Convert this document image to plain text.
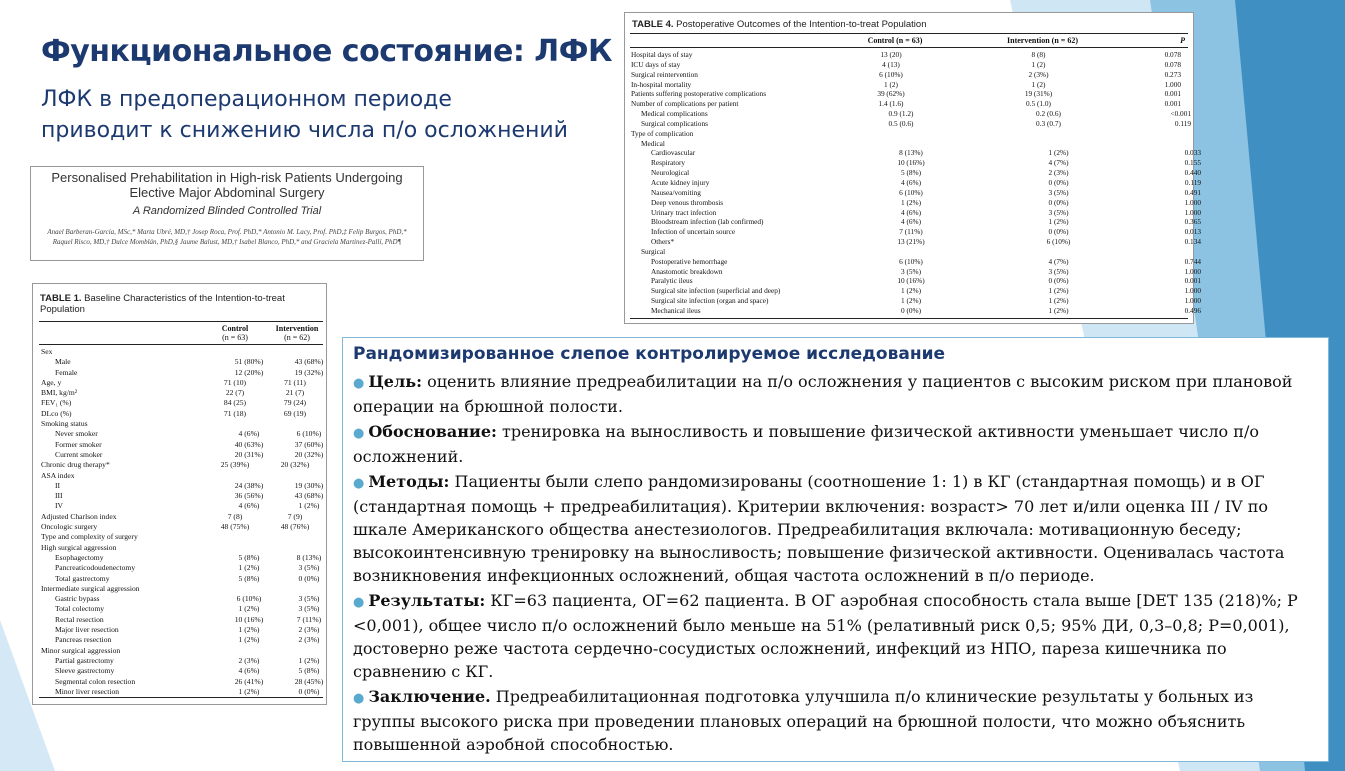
Функциональное состояние: ЛФК
ЛФК в предоперационном периоде
приводит к снижению числа п/о осложнений
Personalised Prehabilitation in High-risk Patients Undergoing
Elective Major Abdominal Surgery
A Randomized Blinded Controlled Trial
Anael Barberan-Garcia, MSc,* Marta Ubré, MD,† Josep Roca, Prof. PhD,* Antonio M. Lacy, Prof. PhD,‡ Felip Burgos, PhD,* Raquel Risco, MD,† Dulce Momblán, PhD,§ Jaume Balust, MD,† Isabel Blanco, PhD,* and Graciela Martinez-Pallí, PhD¶
TABLE 1. Baseline Characteristics of the Intention-to-treat Population
Control
(n = 63)
Intervention
(n = 62)
Sex
Male	51 (80%)	43 (68%)
Female	12 (20%)	19 (32%)
Age, y	71 (10)	71 (11)
BMI, kg/m²	22 (7)	21 (7)
FEV₁ (%)	84 (25)	79 (24)
DLco (%)	71 (18)	69 (19)
Smoking status
Never smoker	4 (6%)	6 (10%)
Former smoker	40 (63%)	37 (60%)
Current smoker	20 (31%)	20 (32%)
Chronic drug therapy*	25 (39%)	20 (32%)
ASA index
II	24 (38%)	19 (30%)
III	36 (56%)	43 (68%)
IV	4 (6%)	1 (2%)
Adjusted Charlson index	7 (8)	7 (9)
Oncologic surgery	48 (75%)	48 (76%)
Type and complexity of surgery
High surgical aggression
Esophagectomy	5 (8%)	8 (13%)
Pancreaticodoudenectomy	1 (2%)	3 (5%)
Total gastrectomy	5 (8%)	0 (0%)
Intermediate surgical aggression
Gastric bypass	6 (10%)	3 (5%)
Total colectomy	1 (2%)	3 (5%)
Rectal resection	10 (16%)	7 (11%)
Major liver resection	1 (2%)	2 (3%)
Pancreas resection	1 (2%)	2 (3%)
Minor surgical aggression
Partial gastrectomy	2 (3%)	1 (2%)
Sleeve gastrectomy	4 (6%)	5 (8%)
Segmental colon resection	26 (41%)	28 (45%)
Minor liver resection	1 (2%)	0 (0%)
TABLE 4. Postoperative Outcomes of the Intention-to-treat Population
Control (n = 63)	Intervention (n = 62)	P
Hospital days of stay	13 (20)	8 (8)	0.078
ICU days of stay	4 (13)	1 (2)	0.078
Surgical reintervention	6 (10%)	2 (3%)	0.273
In-hospital mortality	1 (2)	1 (2)	1.000
Patients suffering postoperative complications	39 (62%)	19 (31%)	0.001
Number of complications per patient	1.4 (1.6)	0.5 (1.0)	0.001
Medical complications	0.9 (1.2)	0.2 (0.6)	<0.001
Surgical complications	0.5 (0.6)	0.3 (0.7)	0.119
Type of complication
Medical
Cardiovascular	8 (13%)	1 (2%)	0.033
Respiratory	10 (16%)	4 (7%)	0.155
Neurological	5 (8%)	2 (3%)	0.440
Acute kidney injury	4 (6%)	0 (0%)	0.119
Nausea/vomiting	6 (10%)	3 (5%)	0.491
Deep venous thrombosis	1 (2%)	0 (0%)	1.000
Urinary tract infection	4 (6%)	3 (5%)	1.000
Bloodstream infection (lab confirmed)	4 (6%)	1 (2%)	0.365
Infection of uncertain source	7 (11%)	0 (0%)	0.013
Others*	13 (21%)	6 (10%)	0.134
Surgical
Postoperative hemorrhage	6 (10%)	4 (7%)	0.744
Anastomotic breakdown	3 (5%)	3 (5%)	1.000
Paralytic ileus	10 (16%)	0 (0%)	0.001
Surgical site infection (superficial and deep)	1 (2%)	1 (2%)	1.000
Surgical site infection (organ and space)	1 (2%)	1 (2%)	1.000
Mechanical ileus	0 (0%)	1 (2%)	0.496
Рандомизированное слепое контролируемое исследование
● Цель: оценить влияние предреабилитации на п/о осложнения у пациентов с высоким риском при плановой операции на брюшной полости.
● Обоснование: тренировка на выносливость и повышение физической активности уменьшает число п/о осложнений.
● Методы: Пациенты были слепо рандомизированы (соотношение 1: 1) в КГ (стандартная помощь) и в ОГ (стандартная помощь + предреабилитация). Критерии включения: возраст> 70 лет и/или оценка III / IV по шкале Американского общества анестезиологов. Предреабилитация включала: мотивационную беседу; высокоинтенсивную тренировку на выносливость; повышение физической активности. Оценивалась частота возникновения инфекционных осложнений, общая частота осложнений в п/о периоде.
● Результаты: КГ=63 пациента, ОГ=62 пациента. В ОГ аэробная способность стала выше [DET 135 (218)%; P <0,001), общее число п/о осложнений было меньше на 51% (релативный риск 0,5; 95% ДИ, 0,3–0,8; P=0,001), достоверно реже частота сердечно-сосудистых осложнений, инфекций из НПО, пареза кишечника по сравнению с КГ.
● Заключение. Предреабилитационная подготовка улучшила п/о клинические результаты у больных из группы высокого риска при проведении плановых операций на брюшной полости, что можно объяснить повышенной аэробной способностью.
